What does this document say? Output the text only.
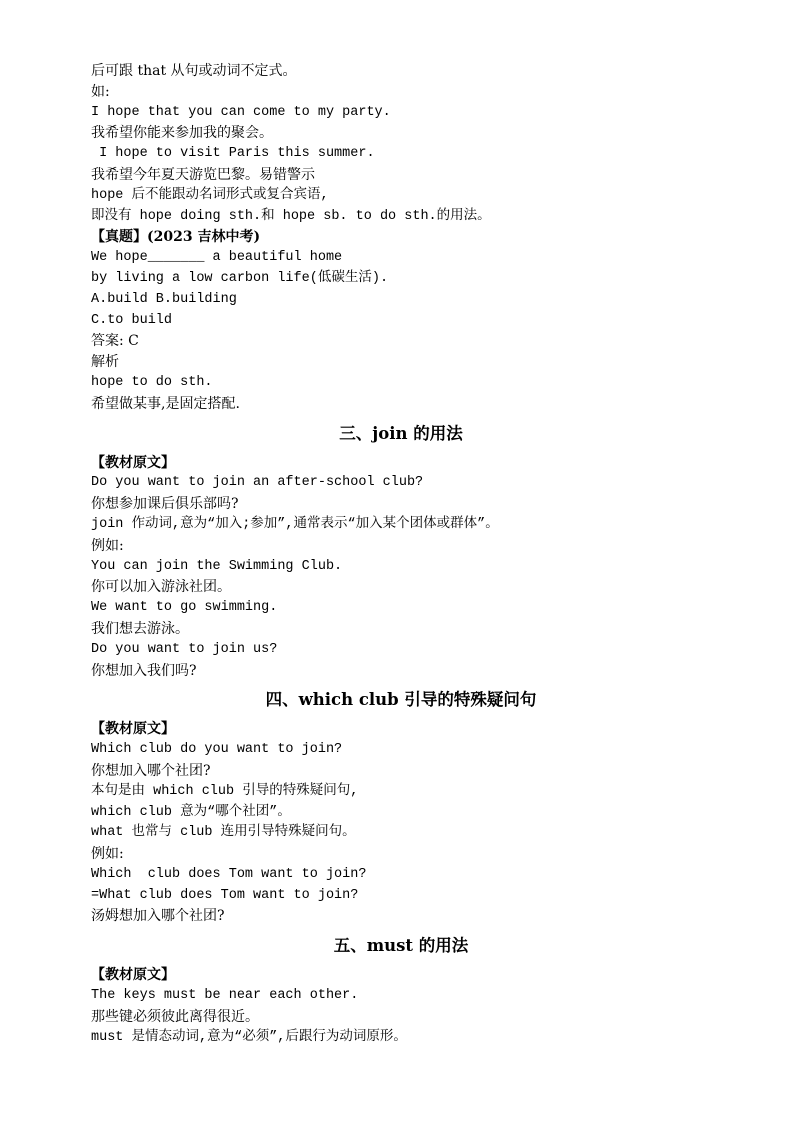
后可跟 that 从句或动词不定式。
如:
I hope that you can come to my party.
我希望你能来参加我的聚会。
I hope to visit Paris this summer.
我希望今年夏天游览巴黎。易错警示
hope 后不能跟动名词形式或复合宾语,
即没有 hope doing sth.和 hope sb. to do sth.的用法。
【真题】(2023 吉林中考)
We hope_______ a beautiful home
by living a low carbon life(低碳生活).
A.build B.building
C.to build
答案: C
解析
hope to do sth.
希望做某事,是固定搭配.
三、join 的用法
【教材原文】
Do you want to join an after-school club?
你想参加课后俱乐部吗?
join 作动词,意为“加入;参加”,通常表示“加入某个团体或群体”。
例如:
You can join the Swimming Club.
你可以加入游泳社团。
We want to go swimming.
我们想去游泳。
Do you want to join us?
你想加入我们吗?
四、which club 引导的特殊疑问句
【教材原文】
Which club do you want to join?
你想加入哪个社团?
本句是由 which club 引导的特殊疑问句,
which club 意为“哪个社团”。
what 也常与 club 连用引导特殊疑问句。
例如:
Which  club does Tom want to join?
=What club does Tom want to join?
汤姆想加入哪个社团?
五、must 的用法
【教材原文】
The keys must be near each other.
那些键必须彼此离得很近。
must 是情态动词,意为“必须”,后跟行为动词原形。
